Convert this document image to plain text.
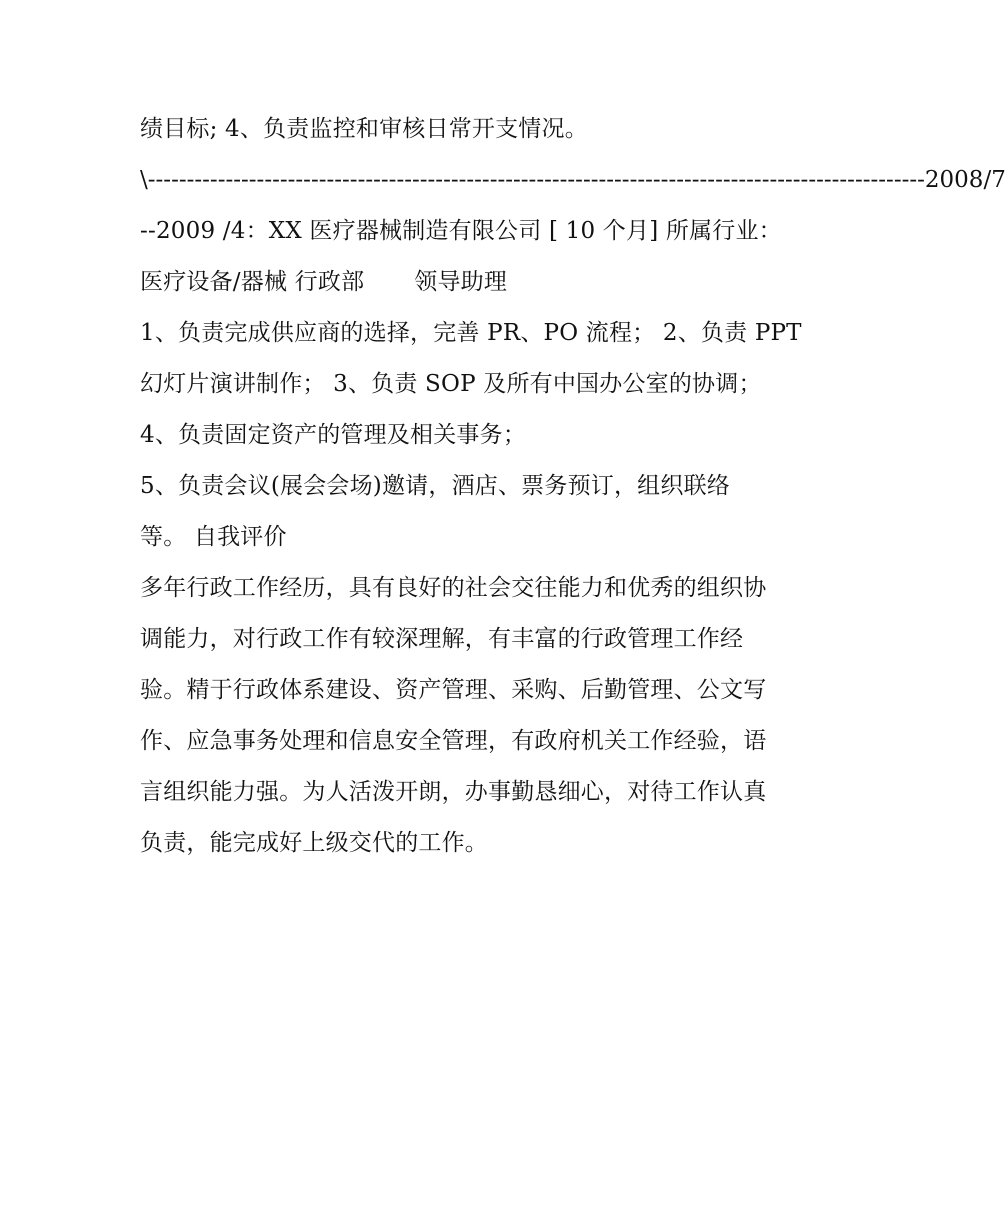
绩目标; 4、负责监控和审核日常开支情况。
\ ---------------------------------------------------------------------------------------------------- 2008/7
--2009 /4：XX 医疗器械制造有限公司 [ 10 个月] 所属行业：
医疗设备/器械 行政部 领导助理
1、负责完成供应商的选择，完善 PR、PO 流程； 2、负责 PPT
幻灯片演讲制作； 3、负责 SOP 及所有中国办公室的协调；
4、负责固定资产的管理及相关事务；
5、负责会议(展会会场)邀请，酒店、票务预订，组织联络
等。 自我评价
多年行政工作经历，具有良好的社会交往能力和优秀的组织协
调能力，对行政工作有较深理解，有丰富的行政管理工作经
验。精于行政体系建设、资产管理、采购、后勤管理、公文写
作、应急事务处理和信息安全管理，有政府机关工作经验，语
言组织能力强。为人活泼开朗，办事勤恳细心，对待工作认真
负责，能完成好上级交代的工作。
